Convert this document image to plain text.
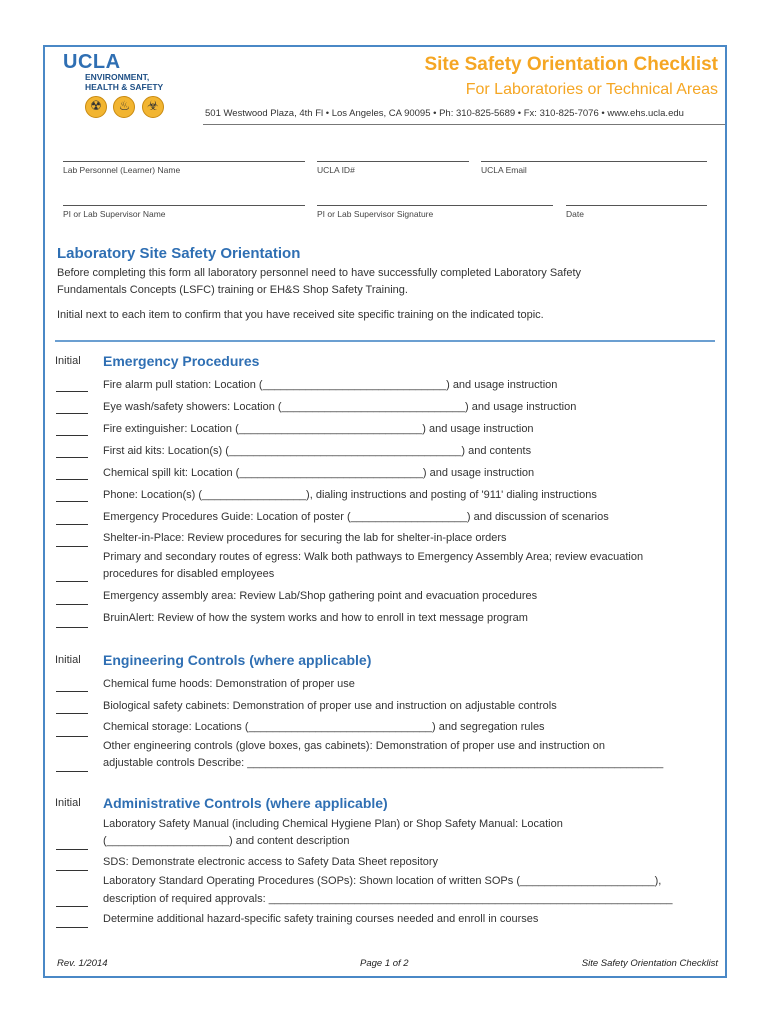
UCLA
ENVIRONMENT,
HEALTH & SAFETY
☢
	♨
	☣
Site Safety Orientation Checklist
For Laboratories or Technical Areas
501 Westwood Plaza, 4th Fl • Los Angeles, CA 90095 • Ph: 310-825-5689 • Fx: 310-825-7076 • www.ehs.ucla.edu
Lab Personnel (Learner) Name	UCLA ID#	UCLA Email
PI or Lab Supervisor Name	PI or Lab Supervisor Signature	Date
Laboratory Site Safety Orientation
Before completing this form all laboratory personnel need to have successfully completed Laboratory Safety
Fundamentals Concepts (LSFC) training or EH&S Shop Safety Training.
Initial next to each item to confirm that you have received site specific training on the indicated topic.
Initial Emergency Procedures
Fire alarm pull station: Location (______________________________) and usage instruction
Eye wash/safety showers: Location (______________________________) and usage instruction
Fire extinguisher: Location (______________________________) and usage instruction
First aid kits: Location(s) (______________________________________) and contents
Chemical spill kit: Location (______________________________) and usage instruction
Phone: Location(s) (_________________), dialing instructions and posting of '911' dialing instructions
Emergency Procedures Guide: Location of poster (___________________) and discussion of scenarios
Shelter-in-Place: Review procedures for securing the lab for shelter-in-place orders
Primary and secondary routes of egress: Walk both pathways to Emergency Assembly Area; review evacuation
procedures for disabled employees
Emergency assembly area: Review Lab/Shop gathering point and evacuation procedures
BruinAlert: Review of how the system works and how to enroll in text message program
Initial Engineering Controls (where applicable)
Chemical fume hoods: Demonstration of proper use
Biological safety cabinets: Demonstration of proper use and instruction on adjustable controls
Chemical storage: Locations (______________________________) and segregation rules
Other engineering controls (glove boxes, gas cabinets): Demonstration of proper use and instruction on
adjustable controls Describe: ____________________________________________________________________
Initial Administrative Controls (where applicable)
Laboratory Safety Manual (including Chemical Hygiene Plan) or Shop Safety Manual: Location
(____________________) and content description
SDS: Demonstrate electronic access to Safety Data Sheet repository
Laboratory Standard Operating Procedures (SOPs): Shown location of written SOPs (______________________),
description of required approvals: __________________________________________________________________
Determine additional hazard-specific safety training courses needed and enroll in courses
Rev. 1/2014	Page 1 of 2	Site Safety Orientation Checklist
